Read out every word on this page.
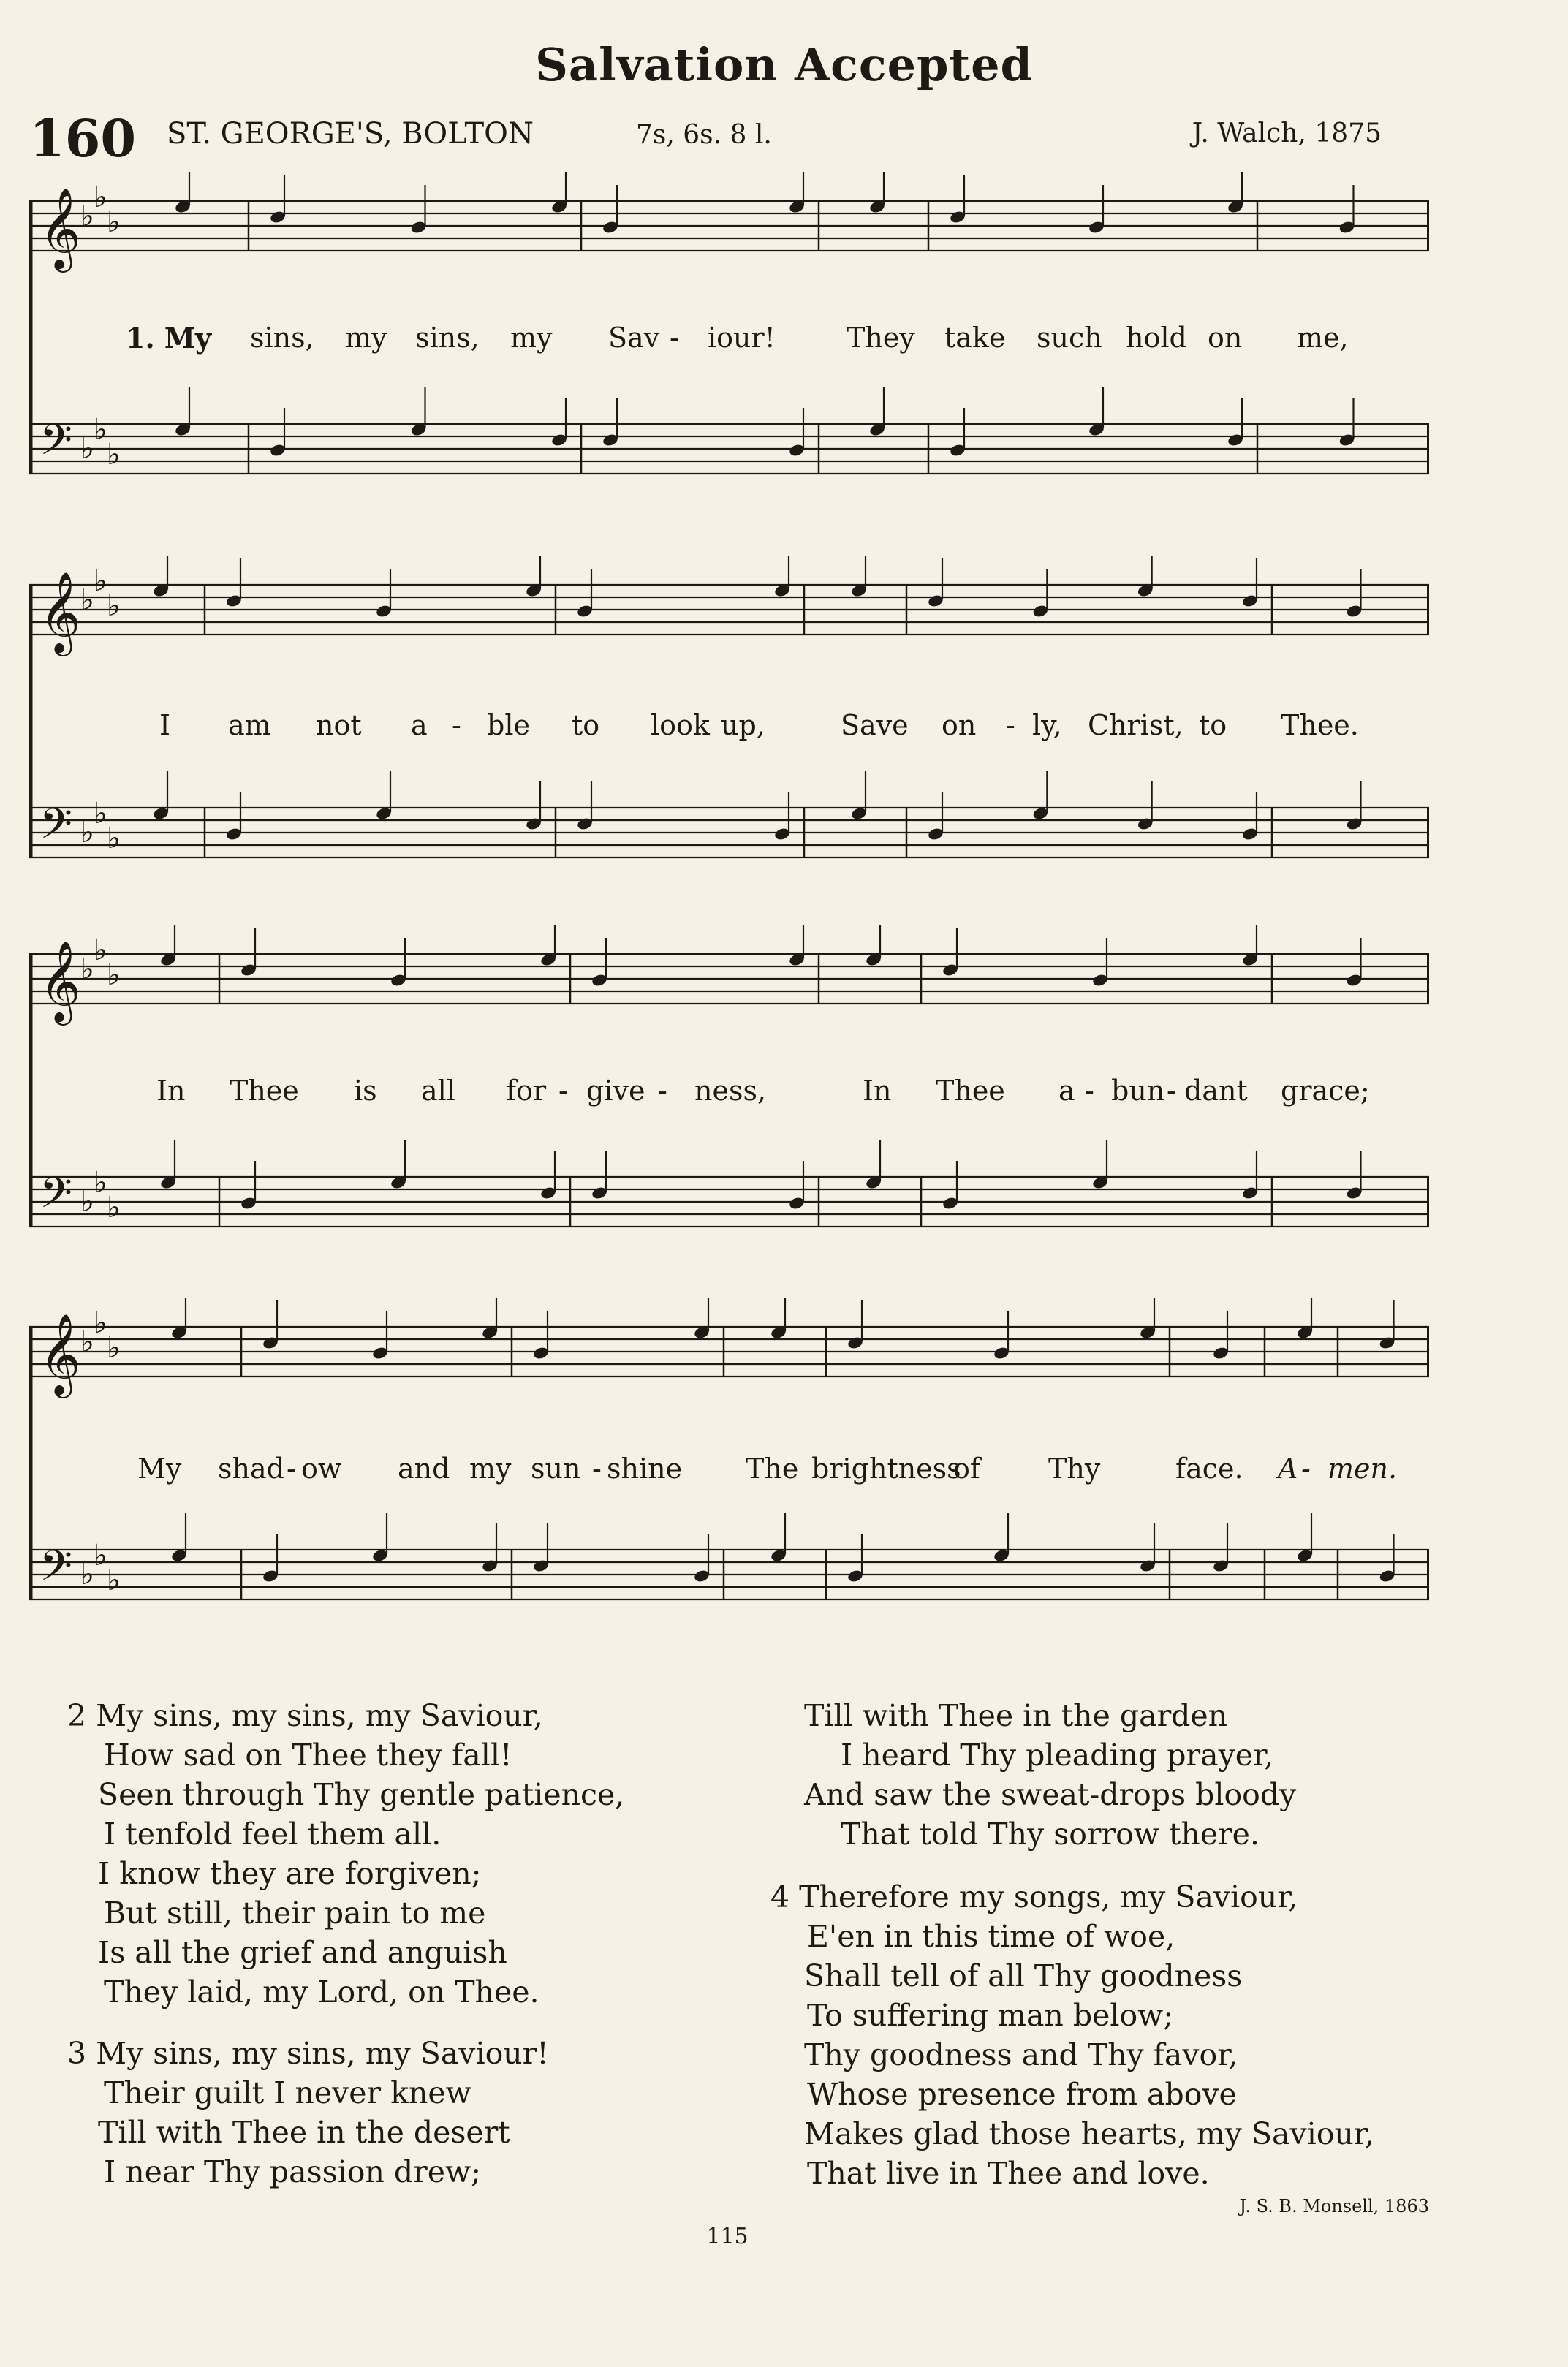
Salvation Accepted
160 ST. GEORGE'S, BOLTON	7s, 6s. 8 l.	J. Walch, 1875
𝄞
𝄢
♭
♭
♭
♭
♭
♭
1. My sins, my sins, my Sav - iour!	They take such hold on me,
𝄞
𝄢
♭
♭
♭
♭
♭
♭
I am not a - ble to look up,	Save on - ly, Christ, to Thee.
𝄞
𝄢
♭
♭
♭
♭
♭
♭
In Thee is all for - give - ness,	In Thee a - bun - dant grace;
𝄞
𝄢
♭
♭
♭
♭
♭
♭
My shad - ow and my sun - shine The brightness
of Thy	face. A - men.
2 My sins, my sins, my Saviour,
How sad on Thee they fall!
Seen through Thy gentle patience,
I tenfold feel them all.
I know they are forgiven;
But still, their pain to me
Is all the grief and anguish
They laid, my Lord, on Thee.
3 My sins, my sins, my Saviour!
Their guilt I never knew
Till with Thee in the desert
I near Thy passion drew;
Till with Thee in the garden
I heard Thy pleading prayer,
And saw the sweat-drops bloody
That told Thy sorrow there.
4 Therefore my songs, my Saviour,
E'en in this time of woe,
Shall tell of all Thy goodness
To suffering man below;
Thy goodness and Thy favor,
Whose presence from above
Makes glad those hearts, my Saviour,
That live in Thee and love.
J. S. B. Monsell, 1863
115
